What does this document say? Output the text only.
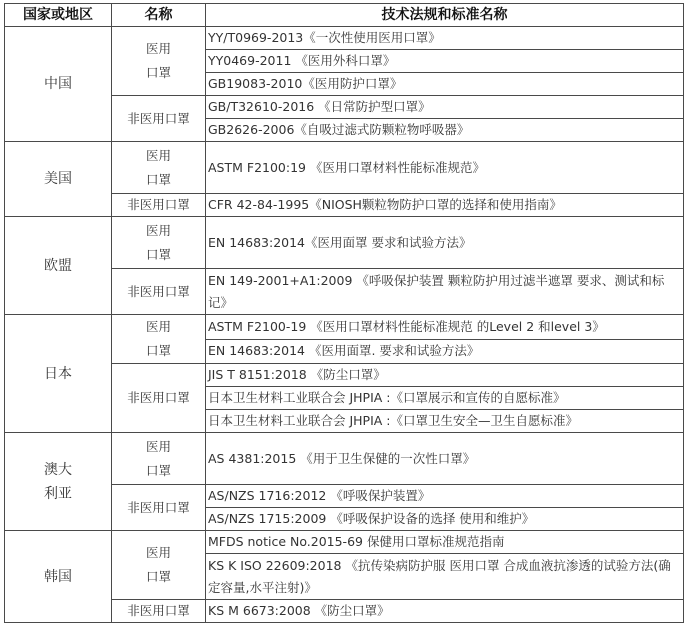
国家或地区	名称	技术法规和标准名称
中国	医用口罩	YY/T0969-2013《一次性使用医用口罩》
		YY0469-2011 《医用外科口罩》
		GB19083-2010《医用防护口罩》
	非医用口罩	GB/T32610-2016 《日常防护型口罩》
		GB2626-2006《自吸过滤式防颗粒物呼吸器》
美国	医用口罩	ASTM F2100:19 《医用口罩材料性能标准规范》
	非医用口罩	CFR 42-84-1995《NIOSH颗粒物防护口罩的选择和使用指南》
欧盟	医用口罩	EN 14683:2014《医用面罩 要求和试验方法》
	非医用口罩	EN 149-2001+A1:2009 《呼吸保护装置 颗粒防护用过滤半遮罩 要求、测试和标记》
日本	医用口罩	ASTM F2100-19 《医用口罩材料性能标准规范 的Level 2 和level 3》
		EN 14683:2014 《医用面罩. 要求和试验方法》
	非医用口罩	JIS T 8151:2018 《防尘口罩》
		日本卫生材料工业联合会 JHPIA :《口罩展示和宣传的自愿标准》
		日本卫生材料工业联合会 JHPIA :《口罩卫生安全—卫生自愿标准》
澳大利亚	医用口罩	AS 4381:2015 《用于卫生保健的一次性口罩》
	非医用口罩	AS/NZS 1716:2012 《呼吸保护装置》
		AS/NZS 1715:2009 《呼吸保护设备的选择 使用和维护》
韩国	医用口罩	MFDS notice No.2015-69 保健用口罩标准规范指南
		KS K ISO 22609:2018 《抗传染病防护服 医用口罩 合成血液抗渗透的试验方法(确定容量,水平注射)》
	非医用口罩	KS M 6673:2008 《防尘口罩》
